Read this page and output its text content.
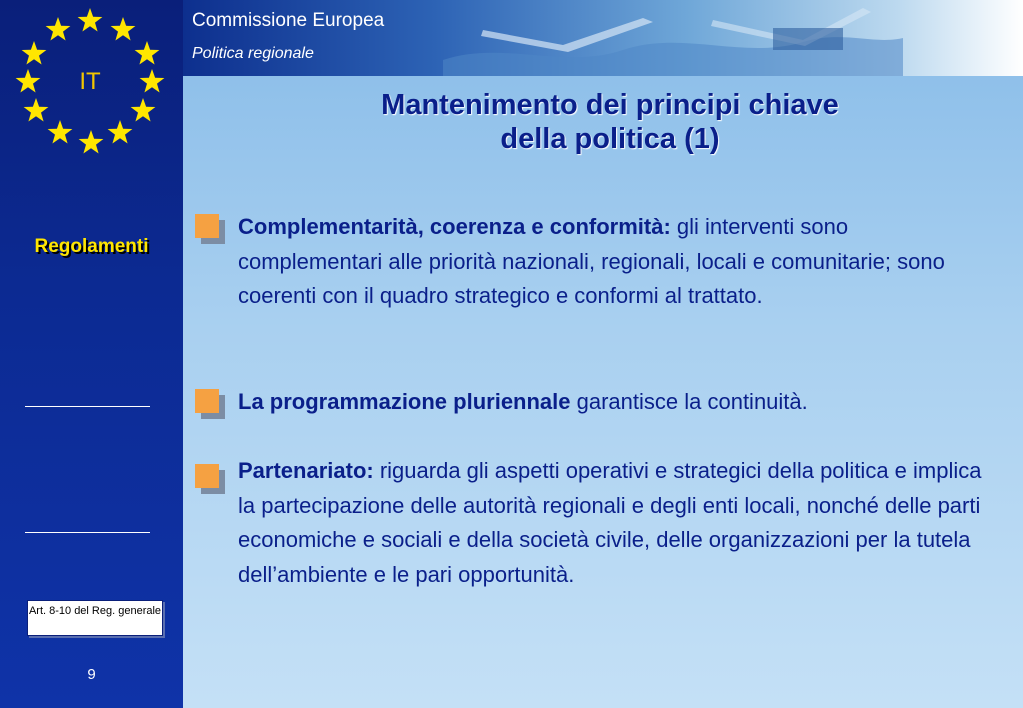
IT
Regolamenti
Art. 8-10 del Reg. generale
9
Commissione Europea
Politica regionale
Mantenimento dei principi chiave
della politica (1)

Complementarità, coerenza e conformità: gli interventi sono complementari alle priorità nazionali, regionali, locali e comunitarie; sono coerenti con il quadro strategico e conformi al trattato.

La programmazione pluriennale garantisce la continuità.

Partenariato: riguarda gli aspetti operativi e strategici della politica e implica la partecipazione delle autorità regionali e degli enti locali, nonché delle parti economiche e sociali e della società civile, delle organizzazioni per la tutela dell’ambiente e le pari opportunità.
